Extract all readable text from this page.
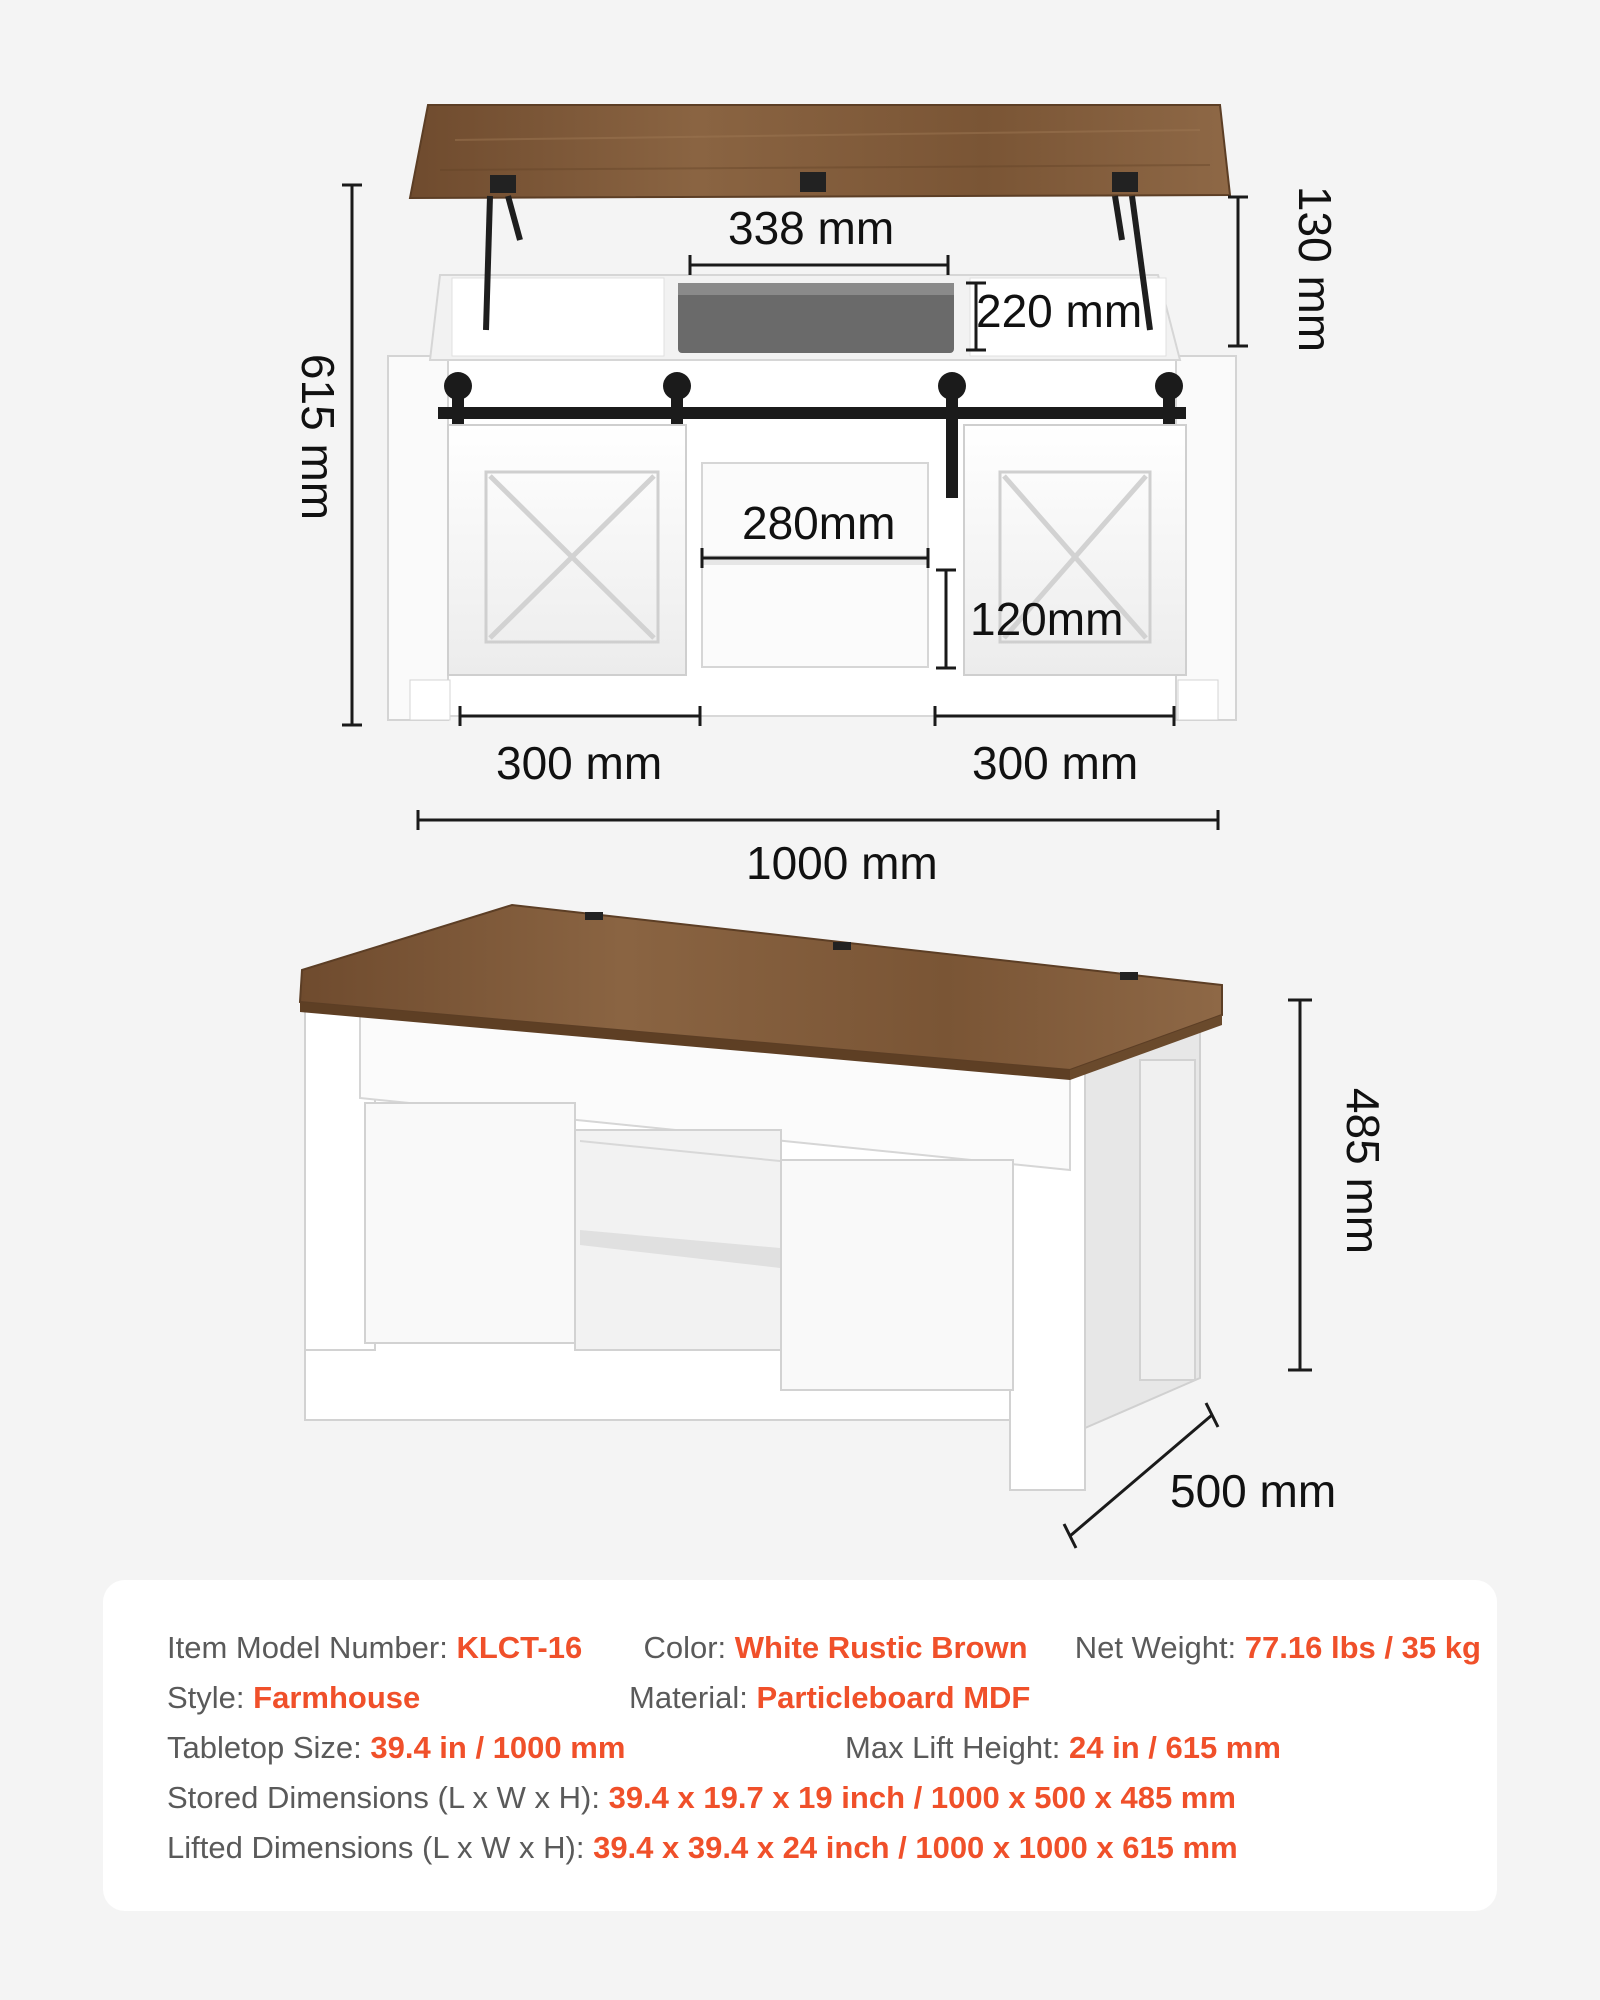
338 mm
220 mm	130 mm
615 mm
280mm
120mm
300 mm	300 mm
1000 mm
485 mm
500 mm
Item Model Number: KLCT-16 Color: White Rustic Brown Net Weight: 77.16 lbs / 35 kg
Style: Farmhouse	Material: Particleboard MDF
Tabletop Size: 39.4 in / 1000 mm	Max Lift Height: 24 in / 615 mm
Stored Dimensions (L x W x H): 39.4 x 19.7 x 19 inch / 1000 x 500 x 485 mm
Lifted Dimensions (L x W x H): 39.4 x 39.4 x 24 inch / 1000 x 1000 x 615 mm
